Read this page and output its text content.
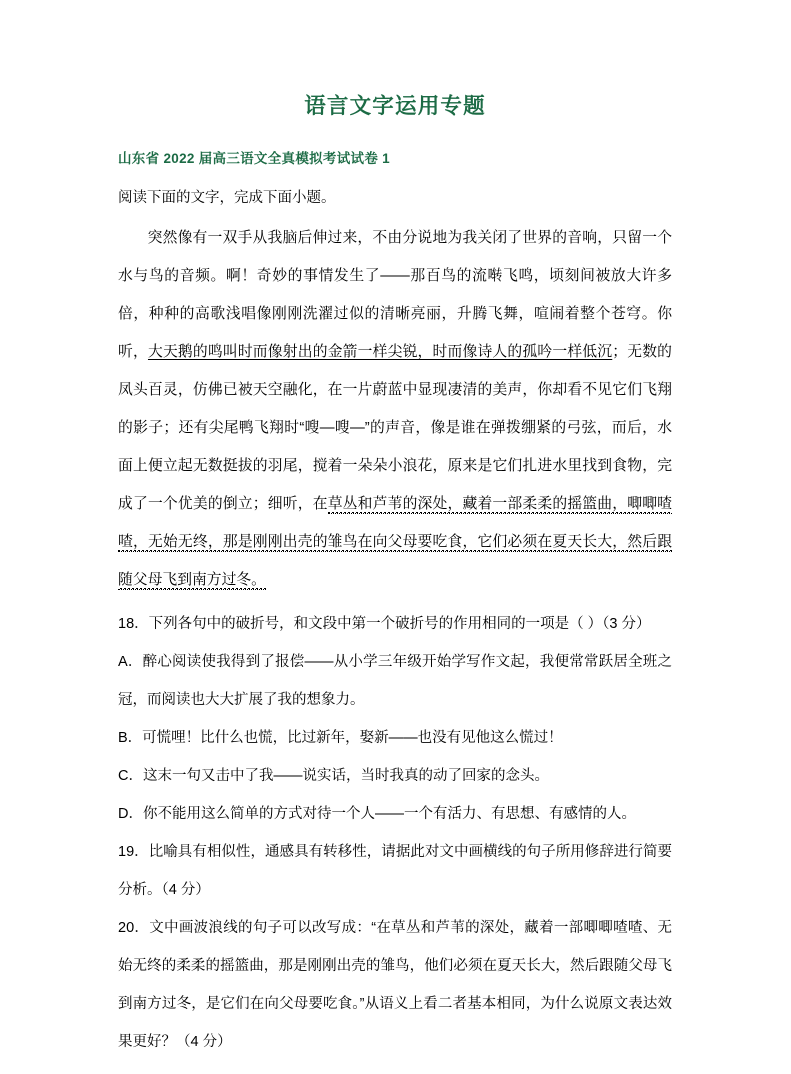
语言文字运用专题

山东省 2022 届高三语文全真模拟考试试卷 1

阅读下面的文字，完成下面小题。

突然像有一双手从我脑后伸过来，不由分说地为我关闭了世界的音响，只留一个水与鸟的音频。啊！奇妙的事情发生了——那百鸟的流啭飞鸣，顷刻间被放大许多倍，种种的高歌浅唱像刚刚洗濯过似的清晰亮丽，升腾飞舞，喧闹着整个苍穹。你听，大天鹅的鸣叫时而像射出的金箭一样尖锐，时而像诗人的孤吟一样低沉；无数的凤头百灵，仿佛已被天空融化，在一片蔚蓝中显现凄清的美声，你却看不见它们飞翔的影子；还有尖尾鸭飞翔时“嗖—嗖—”的声音，像是谁在弹拨绷紧的弓弦，而后，水面上便立起无数挺拔的羽尾，搅着一朵朵小浪花，原来是它们扎进水里找到食物，完成了一个优美的倒立；细听，在草丛和芦苇的深处，藏着一部柔柔的摇篮曲，唧唧喳喳，无始无终，那是刚刚出壳的雏鸟在向父母要吃食，它们必须在夏天长大，然后跟随父母飞到南方过冬。

18．下列各句中的破折号，和文段中第一个破折号的作用相同的一项是（ ）（3 分）

A．醉心阅读使我得到了报偿——从小学三年级开始学写作文起，我便常常跃居全班之冠，而阅读也大大扩展了我的想象力。

B．可慌哩！比什么也慌，比过新年，娶新——也没有见他这么慌过！

C．这末一句又击中了我——说实话，当时我真的动了回家的念头。

D．你不能用这么简单的方式对待一个人——一个有活力、有思想、有感情的人。

19．比喻具有相似性，通感具有转移性，请据此对文中画横线的句子所用修辞进行简要分析。（4 分）

20．文中画波浪线的句子可以改写成：“在草丛和芦苇的深处，藏着一部唧唧喳喳、无始无终的柔柔的摇篮曲，那是刚刚出壳的雏鸟，他们必须在夏天长大，然后跟随父母飞到南方过冬，是它们在向父母要吃食。”从语义上看二者基本相同，为什么说原文表达效果更好？（4 分）
